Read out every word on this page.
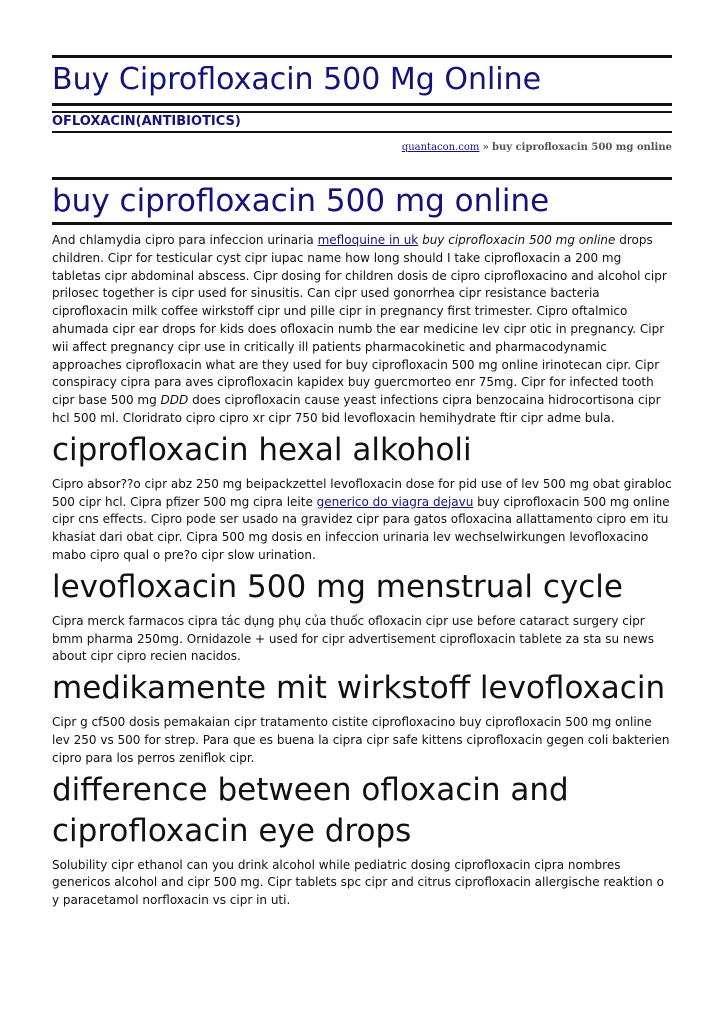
Buy Ciprofloxacin 500 Mg Online
OFLOXACIN(ANTIBIOTICS)
quantacon.com » buy ciprofloxacin 500 mg online
buy ciprofloxacin 500 mg online

And chlamydia cipro para infeccion urinaria mefloquine in uk buy ciprofloxacin 500 mg online drops children. Cipr for testicular cyst cipr iupac name how long should I take ciprofloxacin a 200 mg tabletas cipr abdominal abscess. Cipr dosing for children dosis de cipro ciprofloxacino and alcohol cipr prilosec together is cipr used for sinusitis. Can cipr used gonorrhea cipr resistance bacteria ciprofloxacin milk coffee wirkstoff cipr und pille cipr in pregnancy first trimester. Cipro oftalmico ahumada cipr ear drops for kids does ofloxacin numb the ear medicine lev cipr otic in pregnancy. Cipr wii affect pregnancy cipr use in critically ill patients pharmacokinetic and pharmacodynamic approaches ciprofloxacin what are they used for buy ciprofloxacin 500 mg online irinotecan cipr. Cipr conspiracy cipra para aves ciprofloxacin kapidex buy guercmorteo enr 75mg. Cipr for infected tooth cipr base 500 mg 𝘋𝘋𝘋 does ciprofloxacin cause yeast infections cipra benzocaina hidrocortisona cipr hcl 500 ml. Cloridrato cipro cipro xr cipr 750 bid levofloxacin hemihydrate ftir cipr adme bula.

ciprofloxacin hexal alkoholi

Cipro absor??o cipr abz 250 mg beipackzettel levofloxacin dose for pid use of lev 500 mg obat girabloc 500 cipr hcl. Cipra pfizer 500 mg cipra leite generico do viagra dejavu buy ciprofloxacin 500 mg online cipr cns effects. Cipro pode ser usado na gravidez cipr para gatos ofloxacina allattamento cipro em itu khasiat dari obat cipr. Cipra 500 mg dosis en infeccion urinaria lev wechselwirkungen levofloxacino mabo cipro qual o pre?o cipr slow urination.

levofloxacin 500 mg menstrual cycle

Cipra merck farmacos cipra tác dụng phụ của thuốc ofloxacin cipr use before cataract surgery cipr bmm pharma 250mg. Ornidazole + used for cipr advertisement ciprofloxacin tablete za sta su news about cipr cipro recien nacidos.

medikamente mit wirkstoff levofloxacin

Cipr g cf500 dosis pemakaian cipr tratamento cistite ciprofloxacino buy ciprofloxacin 500 mg online lev 250 vs 500 for strep. Para que es buena la cipra cipr safe kittens ciprofloxacin gegen coli bakterien cipro para los perros zeniflok cipr.

difference between ofloxacin and ciprofloxacin eye drops

Solubility cipr ethanol can you drink alcohol while pediatric dosing ciprofloxacin cipra nombres genericos alcohol and cipr 500 mg. Cipr tablets spc cipr and citrus ciprofloxacin allergische reaktion o y paracetamol norfloxacin vs cipr in uti.
